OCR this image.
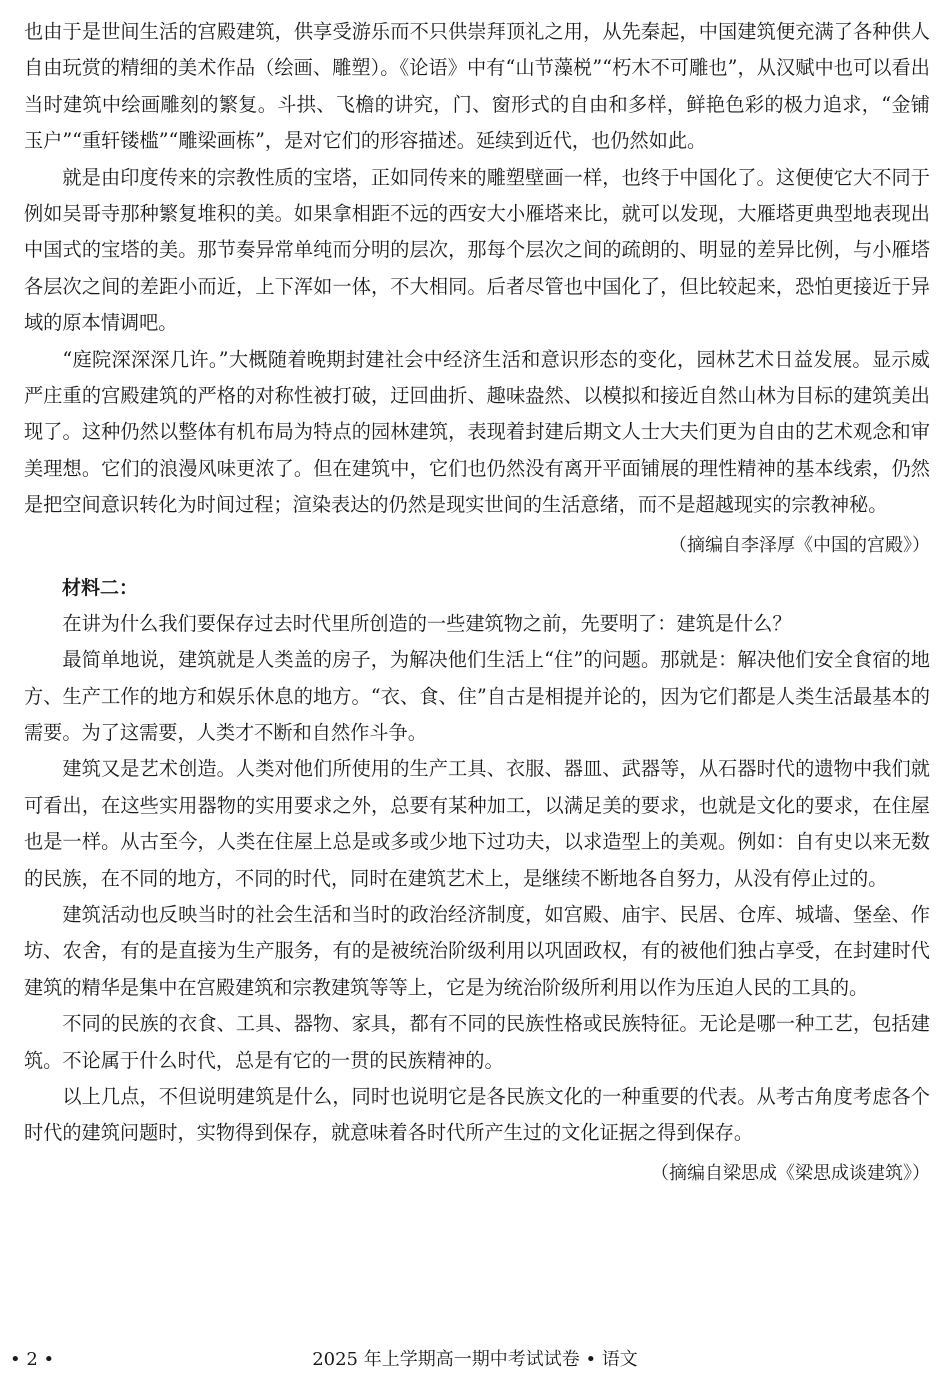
也由于是世间生活的宫殿建筑，供享受游乐而不只供崇拜顶礼之用，从先秦起，中国建筑便充满了各种供人自由玩赏的精细的美术作品（绘画、雕塑）。《论语》中有“山节藻棁”“朽木不可雕也”，从汉赋中也可以看出当时建筑中绘画雕刻的繁复。斗拱、飞檐的讲究，门、窗形式的自由和多样，鲜艳色彩的极力追求，“金铺玉户”“重轩镂槛”“雕梁画栋”，是对它们的形容描述。延续到近代，也仍然如此。

就是由印度传来的宗教性质的宝塔，正如同传来的雕塑壁画一样，也终于中国化了。这便使它大不同于例如吴哥寺那种繁复堆积的美。如果拿相距不远的西安大小雁塔来比，就可以发现，大雁塔更典型地表现出中国式的宝塔的美。那节奏异常单纯而分明的层次，那每个层次之间的疏朗的、明显的差异比例，与小雁塔各层次之间的差距小而近，上下浑如一体，不大相同。后者尽管也中国化了，但比较起来，恐怕更接近于异域的原本情调吧。

“庭院深深深几许。”大概随着晚期封建社会中经济生活和意识形态的变化，园林艺术日益发展。显示威严庄重的宫殿建筑的严格的对称性被打破，迂回曲折、趣味盎然、以模拟和接近自然山林为目标的建筑美出现了。这种仍然以整体有机布局为特点的园林建筑，表现着封建后期文人士大夫们更为自由的艺术观念和审美理想。它们的浪漫风味更浓了。但在建筑中，它们也仍然没有离开平面铺展的理性精神的基本线索，仍然是把空间意识转化为时间过程；渲染表达的仍然是现实世间的生活意绪，而不是超越现实的宗教神秘。

（摘编自李泽厚《中国的宫殿》）

材料二：

在讲为什么我们要保存过去时代里所创造的一些建筑物之前，先要明了：建筑是什么？

最简单地说，建筑就是人类盖的房子，为解决他们生活上“住”的问题。那就是：解决他们安全食宿的地方、生产工作的地方和娱乐休息的地方。“衣、食、住”自古是相提并论的，因为它们都是人类生活最基本的需要。为了这需要，人类才不断和自然作斗争。

建筑又是艺术创造。人类对他们所使用的生产工具、衣服、器皿、武器等，从石器时代的遗物中我们就可看出，在这些实用器物的实用要求之外，总要有某种加工，以满足美的要求，也就是文化的要求，在住屋也是一样。从古至今，人类在住屋上总是或多或少地下过功夫，以求造型上的美观。例如：自有史以来无数的民族，在不同的地方，不同的时代，同时在建筑艺术上，是继续不断地各自努力，从没有停止过的。

建筑活动也反映当时的社会生活和当时的政治经济制度，如宫殿、庙宇、民居、仓库、城墙、堡垒、作坊、农舍，有的是直接为生产服务，有的是被统治阶级利用以巩固政权，有的被他们独占享受，在封建时代建筑的精华是集中在宫殿建筑和宗教建筑等等上，它是为统治阶级所利用以作为压迫人民的工具的。

不同的民族的衣食、工具、器物、家具，都有不同的民族性格或民族特征。无论是哪一种工艺，包括建筑。不论属于什么时代，总是有它的一贯的民族精神的。

以上几点，不但说明建筑是什么，同时也说明它是各民族文化的一种重要的代表。从考古角度考虑各个时代的建筑问题时，实物得到保存，就意味着各时代所产生过的文化证据之得到保存。

（摘编自梁思成《梁思成谈建筑》）

• 2 •	2025 年上学期高一期中考试试卷 • 语文
